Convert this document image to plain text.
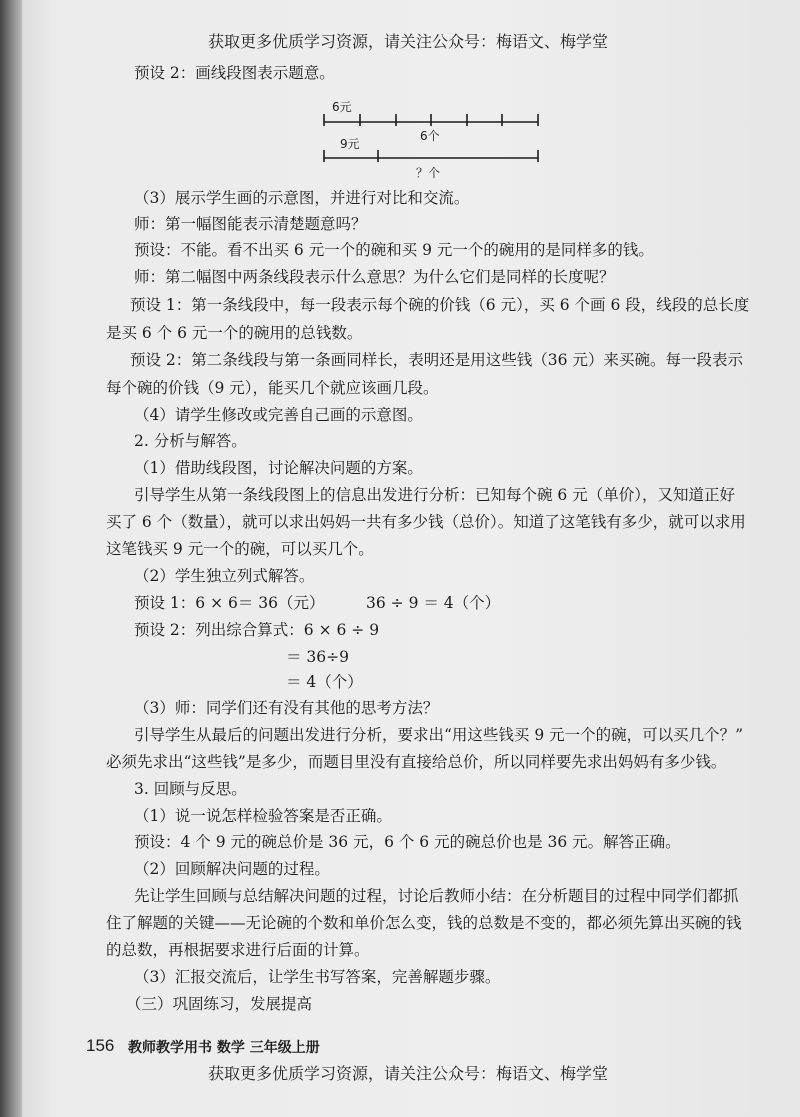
获取更多优质学习资源，请关注公众号：梅语文、梅学堂
预设 2：画线段图表示题意。
6元
6个
9元
？个
（3）展示学生画的示意图，并进行对比和交流。
师：第一幅图能表示清楚题意吗？
预设：不能。看不出买 6 元一个的碗和买 9 元一个的碗用的是同样多的钱。
师：第二幅图中两条线段表示什么意思？为什么它们是同样的长度呢？
预设 1：第一条线段中，每一段表示每个碗的价钱（6 元），买 6 个画 6 段，线段的总长度
是买 6 个 6 元一个的碗用的总钱数。
预设 2：第二条线段与第一条画同样长，表明还是用这些钱（36 元）来买碗。每一段表示
每个碗的价钱（9 元），能买几个就应该画几段。
（4）请学生修改或完善自己画的示意图。
2. 分析与解答。
（1）借助线段图，讨论解决问题的方案。
引导学生从第一条线段图上的信息出发进行分析：已知每个碗 6 元（单价），又知道正好
买了 6 个（数量），就可以求出妈妈一共有多少钱（总价）。知道了这笔钱有多少，就可以求用
这笔钱买 9 元一个的碗，可以买几个。
（2）学生独立列式解答。
预设 1：6 × 6＝ 36（元）	36 ÷ 9 ＝ 4（个）
预设 2：列出综合算式：6 × 6 ÷ 9
＝ 36÷9
＝ 4（个）
（3）师：同学们还有没有其他的思考方法？
引导学生从最后的问题出发进行分析，要求出“用这些钱买 9 元一个的碗，可以买几个？”
必须先求出“这些钱”是多少，而题目里没有直接给总价，所以同样要先求出妈妈有多少钱。
3. 回顾与反思。
（1）说一说怎样检验答案是否正确。
预设：4 个 9 元的碗总价是 36 元，6 个 6 元的碗总价也是 36 元。解答正确。
（2）回顾解决问题的过程。
先让学生回顾与总结解决问题的过程，讨论后教师小结：在分析题目的过程中同学们都抓
住了解题的关键——无论碗的个数和单价怎么变，钱的总数是不变的，都必须先算出买碗的钱
的总数，再根据要求进行后面的计算。
（3）汇报交流后，让学生书写答案，完善解题步骤。
（三）巩固练习，发展提高
156 教师教学用书 数学 三年级上册
获取更多优质学习资源，请关注公众号：梅语文、梅学堂
